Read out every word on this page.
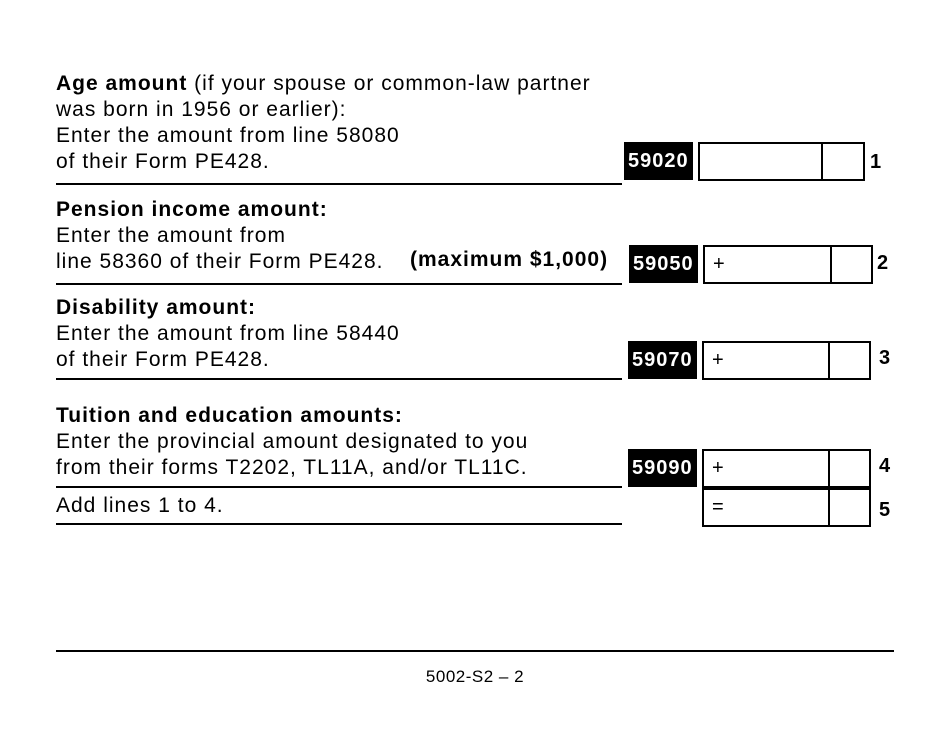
Age amount (if your spouse or common-law partner
was born in 1956 or earlier):
Enter the amount from line 58080
of their Form PE428.	59020	1
Pension income amount:
Enter the amount from
line 58360 of their Form PE428. (maximum $1,000) 59050 +	2
Disability amount:
Enter the amount from line 58440
of their Form PE428.	59070 +	3
Tuition and education amounts:
Enter the provincial amount designated to you
from their forms T2202, TL11A, and/or TL11C.	59090 +	4
Add lines 1 to 4.	=	5
5002-S2 – 2
